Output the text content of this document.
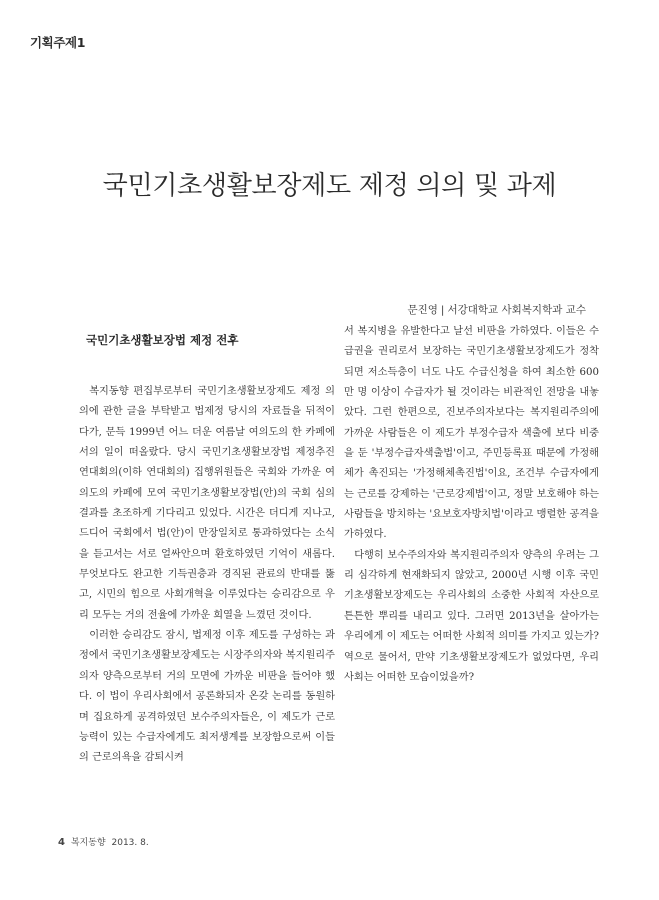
기획주제1
국민기초생활보장제도 제정 의의 및 과제
문진영 | 서강대학교 사회복지학과 교수
국민기초생활보장법 제정 전후

복지동향 편집부로부터 국민기초생활보장제도 제정 의의에 관한 글을 부탁받고 법제정 당시의 자료들을 뒤적이다가, 문득 1999년 어느 더운 여름날 여의도의 한 카페에서의 일이 떠올랐다. 당시 국민기초생활보장법 제정추진 연대회의(이하 연대회의) 집행위원들은 국회와 가까운 여의도의 카페에 모여 국민기초생활보장법(안)의 국회 심의결과를 초조하게 기다리고 있었다. 시간은 더디게 지나고, 드디어 국회에서 법(안)이 만장일치로 통과하였다는 소식을 듣고서는 서로 얼싸안으며 환호하였던 기억이 새롭다. 무엇보다도 완고한 기득권층과 경직된 관료의 반대를 뚫고, 시민의 힘으로 사회개혁을 이루었다는 승리감으로 우리 모두는 거의 전율에 가까운 희열을 느꼈던 것이다.

이러한 승리감도 잠시, 법제정 이후 제도를 구성하는 과정에서 국민기초생활보장제도는 시장주의자와 복지원리주의자 양측으로부터 거의 모면에 가까운 비판을 들어야 했다. 이 법이 우리사회에서 공론화되자 온갖 논리를 동원하며 집요하게 공격하였던 보수주의자들은, 이 제도가 근로능력이 있는 수급자에게도 최저생계를 보장함으로써 이들의 근로의욕을 감퇴시켜

서 복지병을 유발한다고 날선 비판을 가하였다. 이들은 수급권을 권리로서 보장하는 국민기초생활보장제도가 정착되면 저소득층이 너도 나도 수급신청을 하여 최소한 600만 명 이상이 수급자가 될 것이라는 비관적인 전망을 내놓았다. 그런 한편으로, 진보주의자보다는 복지원리주의에 가까운 사람들은 이 제도가 부정수급자 색출에 보다 비중을 둔 '부정수급자색출법'이고, 주민등록표 때문에 가정해체가 촉진되는 '가정해체촉진법'이요, 조건부 수급자에게는 근로를 강제하는 '근로강제법'이고, 정말 보호해야 하는 사람들을 방치하는 '요보호자방치법'이라고 맹렬한 공격을 가하였다.

다행히 보수주의자와 복지원리주의자 양측의 우려는 그리 심각하게 현재화되지 않았고, 2000년 시행 이후 국민기초생활보장제도는 우리사회의 소중한 사회적 자산으로 튼튼한 뿌리를 내리고 있다. 그러면 2013년을 살아가는 우리에게 이 제도는 어떠한 사회적 의미를 가지고 있는가? 역으로 물어서, 만약 기초생활보장제도가 없었다면, 우리사회는 어떠한 모습이었을까?

4 복지동향 2013. 8.
